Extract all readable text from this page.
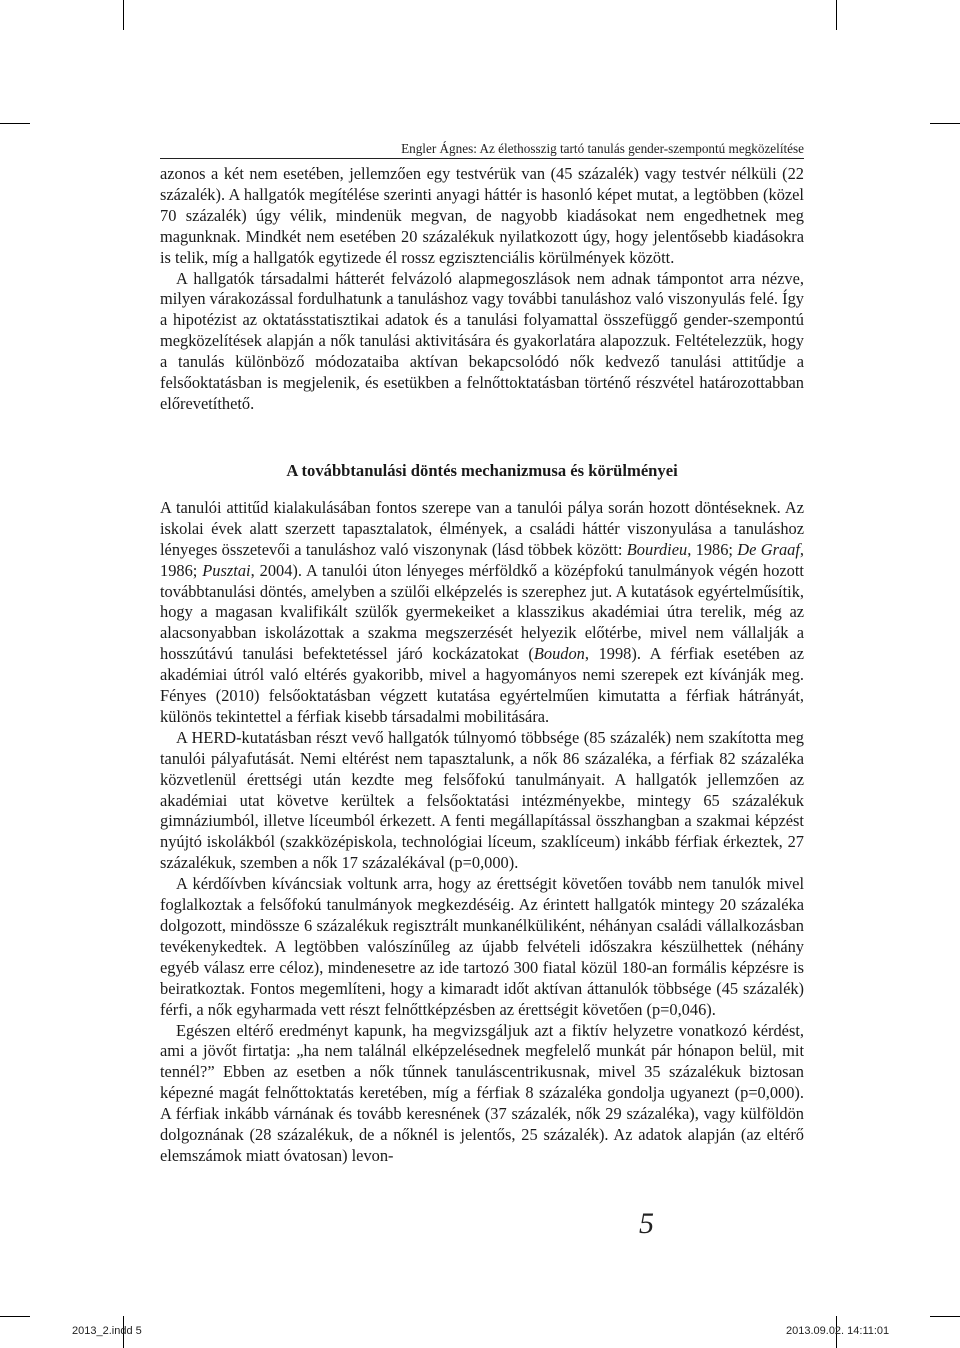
Engler Ágnes: Az élethosszig tartó tanulás gender-szempontú megközelítése

azonos a két nem esetében, jellemzően egy testvérük van (45 százalék) vagy testvér nélküli (22 százalék). A hallgatók megítélése szerinti anyagi háttér is hasonló képet mutat, a legtöbben (közel 70 százalék) úgy vélik, mindenük megvan, de nagyobb kiadásokat nem engedhetnek meg magunknak. Mindkét nem esetében 20 százalékuk nyilatkozott úgy, hogy jelentősebb kiadásokra is telik, míg a hallgatók egytizede él rossz egzisztenciális körülmények között.

A hallgatók társadalmi hátterét felvázoló alapmegoszlások nem adnak támpontot arra nézve, milyen várakozással fordulhatunk a tanuláshoz vagy további tanuláshoz való viszonyulás felé. Így a hipotézist az oktatásstatisztikai adatok és a tanulási folyamattal összefüggő gender-szempontú megközelítések alapján a nők tanulási aktivitására és gyakorlatára alapozzuk. Feltételezzük, hogy a tanulás különböző módozataiba aktívan bekapcsolódó nők kedvező tanulási attitűdje a felsőoktatásban is megjelenik, és esetükben a felnőttoktatásban történő részvétel határozottabban előrevetíthető.

A továbbtanulási döntés mechanizmusa és körülményei

A tanulói attitűd kialakulásában fontos szerepe van a tanulói pálya során hozott döntéseknek. Az iskolai évek alatt szerzett tapasztalatok, élmények, a családi háttér viszonyulása a tanuláshoz lényeges összetevői a tanuláshoz való viszonynak (lásd többek között: Bourdieu, 1986; De Graaf, 1986; Pusztai, 2004). A tanulói úton lényeges mérföldkő a középfokú tanulmányok végén hozott továbbtanulási döntés, amelyben a szülői elképzelés is szerephez jut. A kutatások egyértelműsítik, hogy a magasan kvalifikált szülők gyermekeiket a klasszikus akadémiai útra terelik, még az alacsonyabban iskolázottak a szakma megszerzését helyezik előtérbe, mivel nem vállalják a hosszútávú tanulási befektetéssel járó kockázatokat (Boudon, 1998). A férfiak esetében az akadémiai útról való eltérés gyakoribb, mivel a hagyományos nemi szerepek ezt kívánják meg. Fényes (2010) felsőoktatásban végzett kutatása egyértelműen kimutatta a férfiak hátrányát, különös tekintettel a férfiak kisebb társadalmi mobilitására.

A HERD-kutatásban részt vevő hallgatók túlnyomó többsége (85 százalék) nem szakította meg tanulói pályafutását. Nemi eltérést nem tapasztalunk, a nők 86 százaléka, a férfiak 82 százaléka közvetlenül érettségi után kezdte meg felsőfokú tanulmányait. A hallgatók jellemzően az akadémiai utat követve kerültek a felsőoktatási intézményekbe, mintegy 65 százalékuk gimnáziumból, illetve líceumból érkezett. A fenti megállapítással összhangban a szakmai képzést nyújtó iskolákból (szakközépiskola, technológiai líceum, szaklíceum) inkább férfiak érkeztek, 27 százalékuk, szemben a nők 17 százalékával (p=0,000).

A kérdőívben kíváncsiak voltunk arra, hogy az érettségit követően tovább nem tanulók mivel foglalkoztak a felsőfokú tanulmányok megkezdéséig. Az érintett hallgatók mintegy 20 százaléka dolgozott, mindössze 6 százalékuk regisztrált munkanélküliként, néhányan családi vállalkozásban tevékenykedtek. A legtöbben valószínűleg az újabb felvételi időszakra készülhettek (néhány egyéb válasz erre céloz), mindenesetre az ide tartozó 300 fiatal közül 180-an formális képzésre is beiratkoztak. Fontos megemlíteni, hogy a kimaradt időt aktívan áttanulók többsége (45 százalék) férfi, a nők egyharmada vett részt felnőttképzésben az érettségit követően (p=0,046).

Egészen eltérő eredményt kapunk, ha megvizsgáljuk azt a fiktív helyzetre vonatkozó kérdést, ami a jövőt firtatja: „ha nem találnál elképzelésednek megfelelő munkát pár hónapon belül, mit tennél?” Ebben az esetben a nők tűnnek tanuláscentrikusnak, mivel 35 százalékuk biztosan képezné magát felnőttoktatás keretében, míg a férfiak 8 százaléka gondolja ugyanezt (p=0,000). A férfiak inkább várnának és tovább keresnének (37 százalék, nők 29 százaléka), vagy külföldön dolgoznának (28 százalékuk, de a nőknél is jelentős, 25 százalék). Az adatok alapján (az eltérő elemszámok miatt óvatosan) levon-

5
2013_2.indd 5	2013.09.02. 14:11:01
